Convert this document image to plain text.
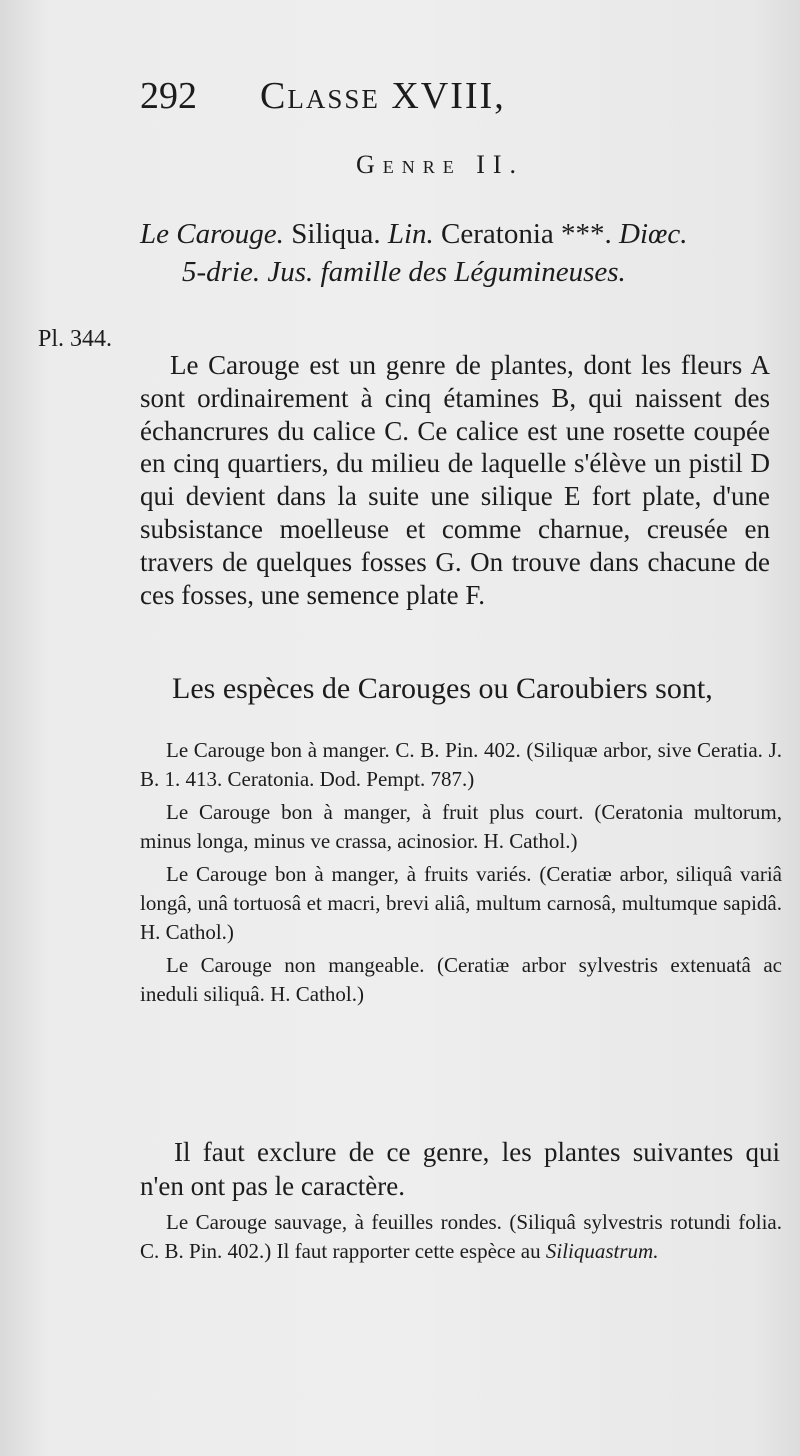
292 Classe XVIII,
Genre II.
Le Carouge. Siliqua. Lin. Ceratonia ***. Diœc.
5-drie. Jus. famille des Légumineuses.
Pl. 344.

Le Carouge est un genre de plantes, dont les fleurs A sont ordinairement à cinq étamines B, qui naissent des échancrures du calice C. Ce calice est une rosette coupée en cinq quartiers, du milieu de laquelle s'élève un pistil D qui devient dans la suite une silique E fort plate, d'une subsistance moelleuse et comme charnue, creusée en travers de quelques fosses G. On trouve dans chacune de ces fosses, une semence plate F.

Les espèces de Carouges ou Caroubiers sont,

Le Carouge bon à manger. C. B. Pin. 402. (Siliquæ arbor, sive Ceratia. J. B. 1. 413. Ceratonia. Dod. Pempt. 787.)

Le Carouge bon à manger, à fruit plus court. (Ceratonia multorum, minus longa, minus ve crassa, acinosior. H. Cathol.)

Le Carouge bon à manger, à fruits variés. (Ceratiæ arbor, siliquâ variâ longâ, unâ tortuosâ et macri, brevi aliâ, multum carnosâ, multumque sapidâ. H. Cathol.)

Le Carouge non mangeable. (Ceratiæ arbor sylvestris extenuatâ ac ineduli siliquâ. H. Cathol.)

Il faut exclure de ce genre, les plantes suivantes qui n'en ont pas le caractère.

Le Carouge sauvage, à feuilles rondes. (Siliquâ sylvestris rotundi folia. C. B. Pin. 402.) Il faut rapporter cette espèce au Siliquastrum.
